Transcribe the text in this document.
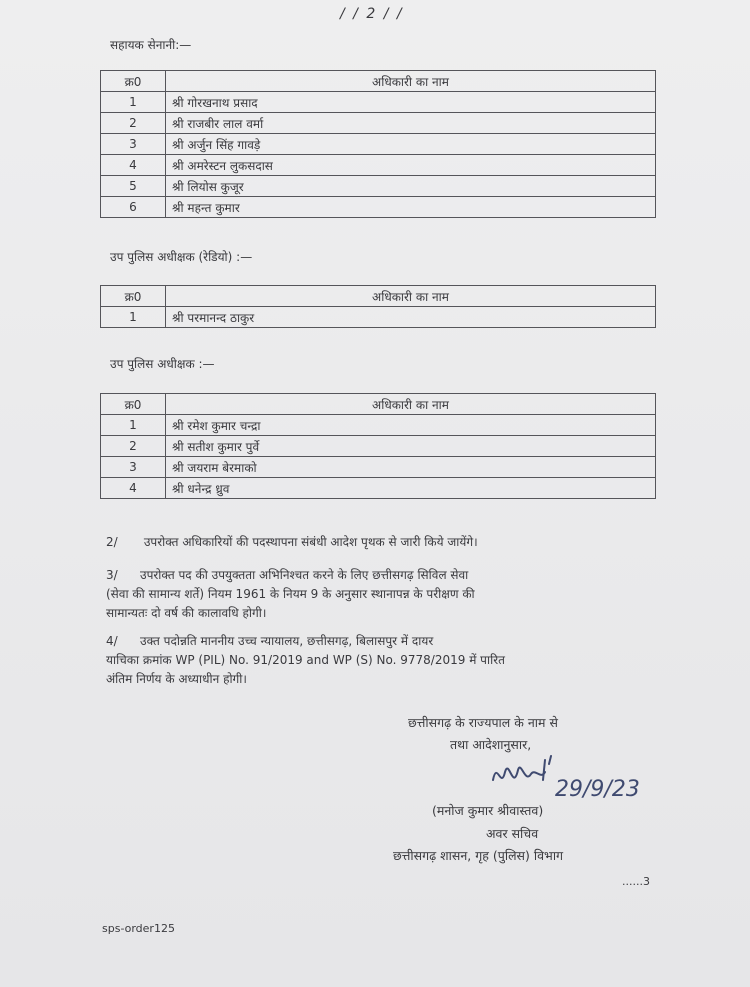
/ / 2 / /
सहायक सेनानी:—
क्र0	अधिकारी का नाम
1	श्री गोरखनाथ प्रसाद
2	श्री राजबीर लाल वर्मा
3	श्री अर्जुन सिंह गावड़े
4	श्री अमरेस्टन लुकसदास
5	श्री लियोस कुजूर
6	श्री महन्त कुमार
उप पुलिस अधीक्षक (रेडियो) :—
क्र0	अधिकारी का नाम
1	श्री परमानन्द ठाकुर
उप पुलिस अधीक्षक :—
क्र0	अधिकारी का नाम
1	श्री रमेश कुमार चन्द्रा
2	श्री सतीश कुमार पुर्वे
3	श्री जयराम बेरमाको
4	श्री धनेन्द्र ध्रुव
2/ उपरोक्त अधिकारियों की पदस्थापना संबंधी आदेश पृथक से जारी किये जायेंगे।
3/ उपरोक्त पद की उपयुक्तता अभिनिश्चत करने के लिए छत्तीसगढ़ सिविल सेवा
(सेवा की सामान्य शर्ते) नियम 1961 के नियम 9 के अनुसार स्थानापन्न के परीक्षण की
सामान्यतः दो वर्ष की कालावधि होगी।
4/ उक्त पदोन्नति माननीय उच्च न्यायालय, छत्तीसगढ़, बिलासपुर में दायर
याचिका क्रमांक WP (PIL) No. 91/2019 and WP (S) No. 9778/2019 में पारित
अंतिम निर्णय के अध्याधीन होगी।
छत्तीसगढ़ के राज्यपाल के नाम से
तथा आदेशानुसार,
29/9/23
(मनोज कुमार श्रीवास्तव)
अवर सचिव
छत्तीसगढ़ शासन, गृह (पुलिस) विभाग
......3
sps-order125
